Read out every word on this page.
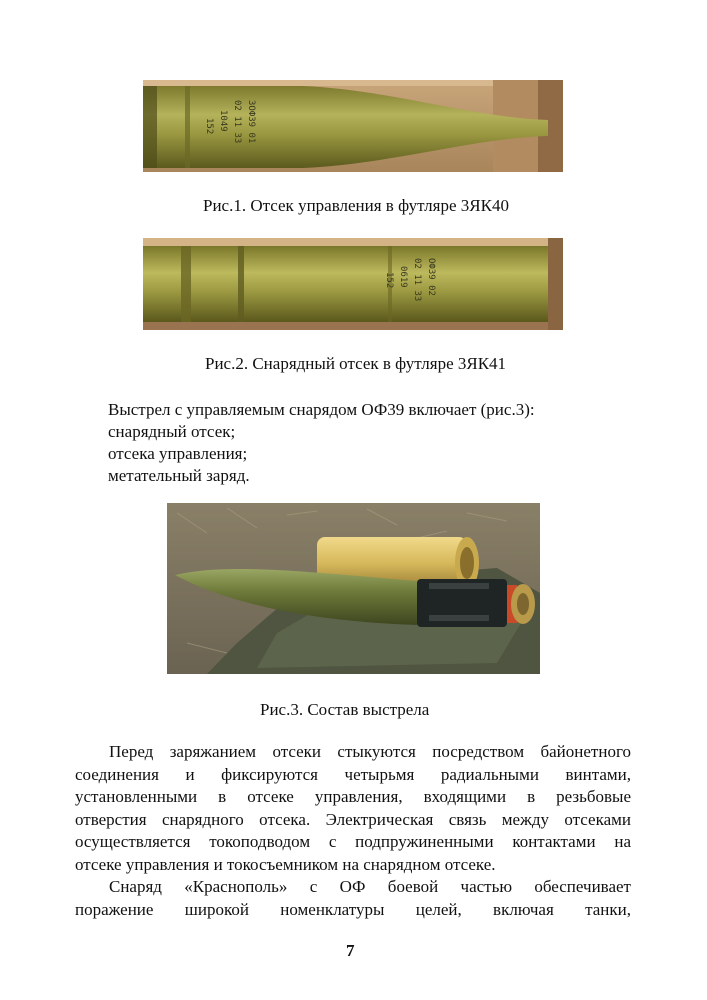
3ОФ39 01
02 11 33
1049
152
Рис.1. Отсек управления в футляре 3ЯК40
ОФ39 02
02 11 33
0619
152
Рис.2. Снарядный отсек в футляре 3ЯК41
Выстрел с управляемым снарядом ОФ39 включает (рис.3):
снарядный отсек;
отсека управления;
метательный заряд.
Рис.3. Состав выстрела
Перед заряжанием отсеки стыкуются посредством байонетного
соединения и фиксируются четырьмя радиальными винтами,
установленными в отсеке управления, входящими в резьбовые
отверстия снарядного отсека. Электрическая связь между отсеками
осуществляется токоподводом с подпружиненными контактами на
отсеке управления и токосъемником на снарядном отсеке.
Снаряд «Краснополь» с ОФ боевой частью обеспечивает
поражение широкой номенклатуры целей, включая танки,
7
